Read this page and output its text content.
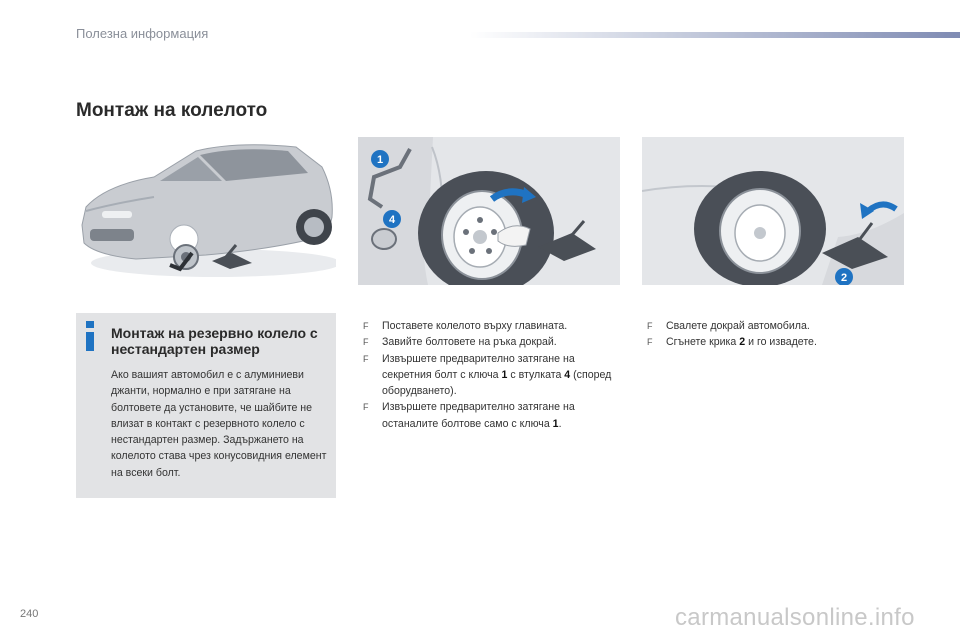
Полезна информация
Монтаж на колелото
1
4
2
Монтаж на резервно колело с нестандартен размер
Ако вашият автомобил е с алуминиеви джанти, нормално е при затягане на болтовете да установите, че шайбите не влизат в контакт с резервното колело с нестандартен размер. Задържането на колелото става чрез конусовидния елемент на всеки болт.
F Поставете колелото върху главината.
F Завийте болтовете на ръка докрай.
F Извършете предварително затягане на секретния болт с ключа 1 с втулката 4 (според оборудването).
F Извършете предварително затягане на останалите болтове само с ключа 1.
F Свалете докрай автомобила.
F Сгънете крика 2 и го извадете.
240	carmanualsonline.info
